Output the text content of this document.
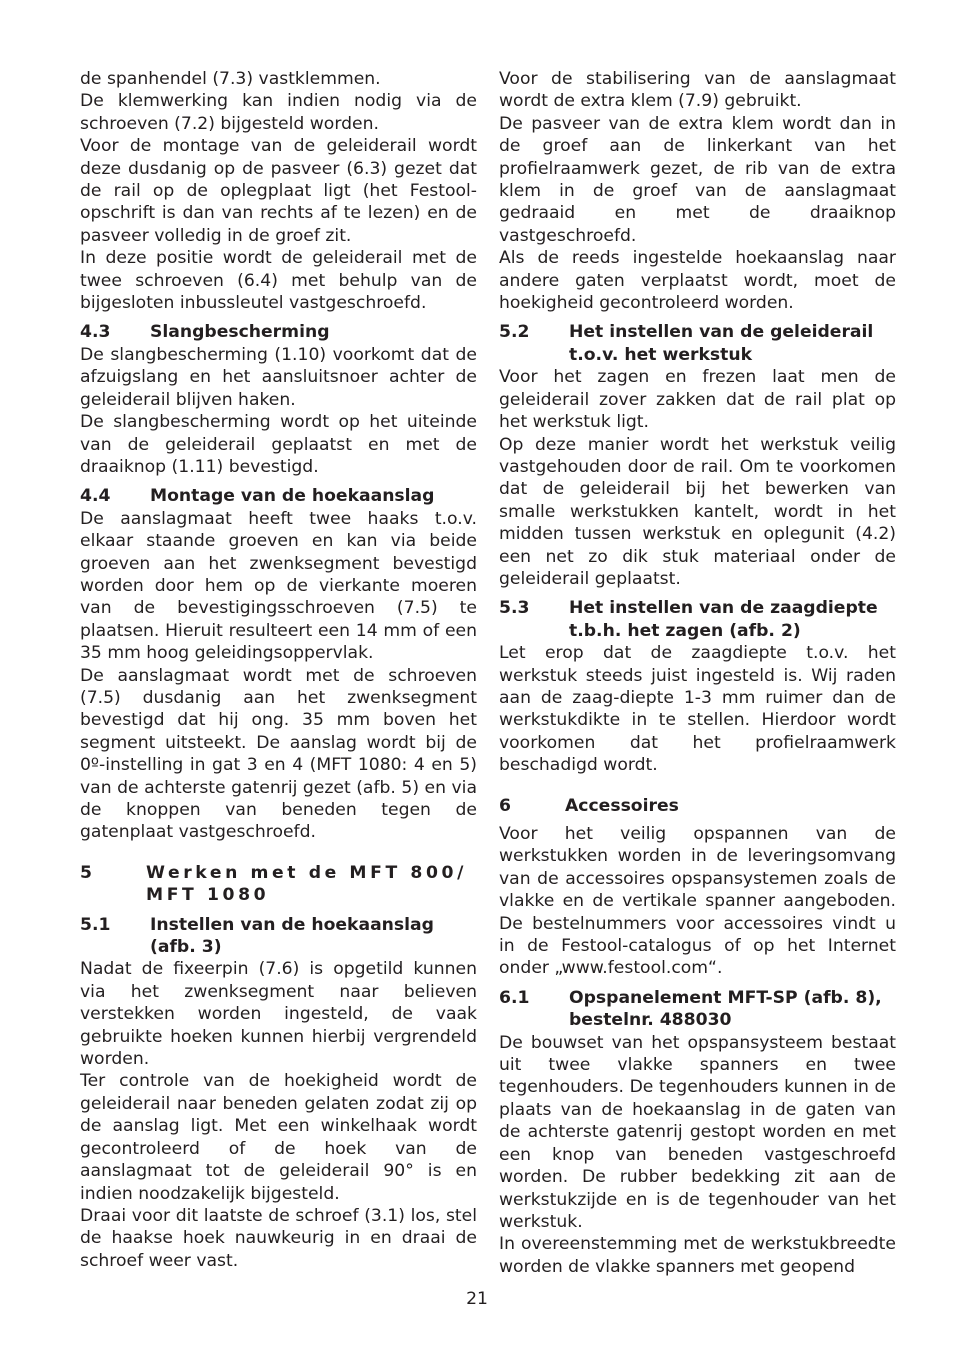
de spanhendel (7.3) vastklemmen.

De klemwerking kan indien nodig via de schroeven (7.2) bijgesteld worden.

Voor de montage van de geleiderail wordt deze dusdanig op de pasveer (6.3) gezet dat de rail op de oplegplaat ligt (het Festool-opschrift is dan van rechts af te lezen) en de pasveer volledig in de groef zit.

In deze positie wordt de geleiderail met de twee schroeven (6.4) met behulp van de bijgesloten inbussleutel vastgeschroefd.

4.3	Slangbescherming

De slangbescherming (1.10) voorkomt dat de afzuigslang en het aansluitsnoer achter de geleiderail blijven haken.

De slangbescherming wordt op het uiteinde van de geleiderail geplaatst en met de draaiknop (1.11) bevestigd.

4.4	Montage van de hoekaanslag

De aanslagmaat heeft twee haaks t.o.v. elkaar staande groeven en kan via beide groeven aan het zwenksegment bevestigd worden door hem op de vierkante moeren van de bevestigingsschroeven (7.5) te plaatsen. Hieruit resulteert een 14 mm of een 35 mm hoog geleidingsoppervlak.

De aanslagmaat wordt met de schroeven (7.5) dusdanig aan het zwenksegment bevestigd dat hij ong. 35 mm boven het segment uitsteekt. De aanslag wordt bij de 0º-instelling in gat 3 en 4 (MFT 1080: 4 en 5) van de achterste gatenrij gezet (afb. 5) en via de knoppen van beneden tegen de gatenplaat vastgeschroefd.

5	Werken met de MFT 800/ MFT 1080
5.1	Instellen van de hoekaanslag (afb. 3)

Nadat de fixeerpin (7.6) is opgetild kunnen via het zwenksegment naar believen verstekken worden ingesteld, de vaak gebruikte hoeken kunnen hierbij vergrendeld worden.

Ter controle van de hoekigheid wordt de geleiderail naar beneden gelaten zodat zij op de aanslag ligt. Met een winkelhaak wordt gecontroleerd of de hoek van de aanslagmaat tot de geleiderail 90° is en indien noodzakelijk bijgesteld.

Draai voor dit laatste de schroef (3.1) los, stel de haakse hoek nauwkeurig in en draai de schroef weer vast.

Voor de stabilisering van de aanslagmaat wordt de extra klem (7.9) gebruikt.

De pasveer van de extra klem wordt dan in de groef aan de linkerkant van het profielraamwerk gezet, de rib van de extra klem in de groef van de aanslagmaat gedraaid en met de draaiknop vastgeschroefd.

Als de reeds ingestelde hoekaanslag naar andere gaten verplaatst wordt, moet de hoekigheid gecontroleerd worden.

5.2	Het instellen van de geleiderail t.o.v. het werkstuk

Voor het zagen en frezen laat men de geleiderail zover zakken dat de rail plat op het werkstuk ligt.

Op deze manier wordt het werkstuk veilig vastgehouden door de rail. Om te voorkomen dat de geleiderail bij het bewerken van smalle werkstukken kantelt, wordt in het midden tussen werkstuk en oplegunit (4.2) een net zo dik stuk materiaal onder de geleiderail geplaatst.

5.3	Het instellen van de zaagdiepte t.b.h. het zagen (afb. 2)

Let erop dat de zaagdiepte t.o.v. het werkstuk steeds juist ingesteld is. Wij raden aan de zaag-diepte 1-3 mm ruimer dan de werkstukdikte in te stellen. Hierdoor wordt voorkomen dat het profielraamwerk beschadigd wordt.

6	Accessoires

Voor het veilig opspannen van de werkstukken worden in de leveringsomvang van de accessoires opspansystemen zoals de vlakke en de vertikale spanner aangeboden. De bestelnummers voor accessoires vindt u in de Festool-catalogus of op het Internet onder „www.festool.com“.

6.1	Opspanelement MFT-SP (afb. 8), bestelnr. 488030

De bouwset van het opspansysteem bestaat uit twee vlakke spanners en twee tegenhouders. De tegenhouders kunnen in de plaats van de hoekaanslag in de gaten van de achterste gatenrij gestopt worden en met een knop van beneden vastgeschroefd worden. De rubber bedekking zit aan de werkstukzijde en is de tegenhouder van het werkstuk.

In overeenstemming met de werkstukbreedte worden de vlakke spanners met geopend

21
